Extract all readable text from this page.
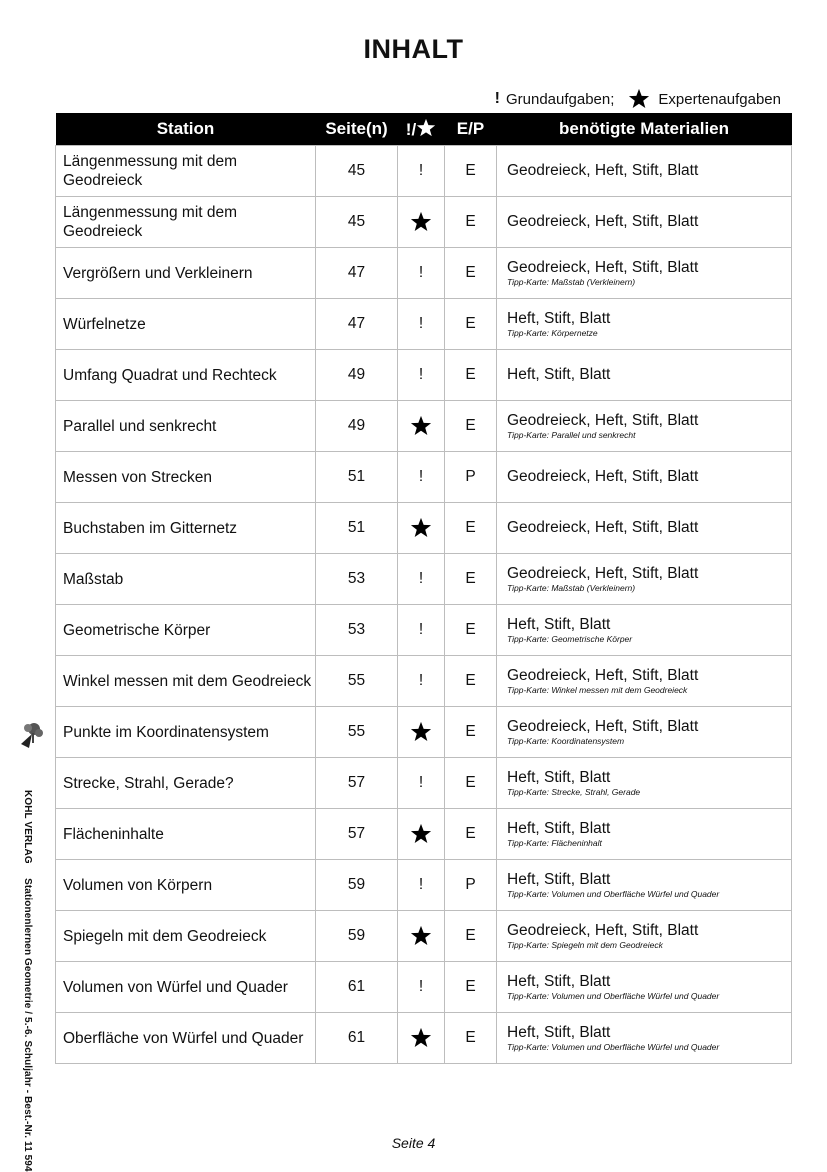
INHALT
! Grundaufgaben;	Expertenaufgaben
Station	Seite(n)	!/	E/P	benötigte Materialien
Längenmessung mit dem Geodreieck	45	!	E	Geodreieck, Heft, Stift, Blatt

Längenmessung mit dem Geodreieck	45		E	Geodreieck, Heft, Stift, Blatt

Vergrößern und Verkleinern	47	!	E	Geodreieck, Heft, Stift, Blatt
Tipp-Karte: Maßstab (Verkleinern)

Würfelnetze	47	!	E	Heft, Stift, Blatt
Tipp-Karte: Körpernetze

Umfang Quadrat und Rechteck	49	!	E	Heft, Stift, Blatt

Parallel und senkrecht	49		E	Geodreieck, Heft, Stift, Blatt
Tipp-Karte: Parallel und senkrecht

Messen von Strecken	51	!	P	Geodreieck, Heft, Stift, Blatt

Buchstaben im Gitternetz	51		E	Geodreieck, Heft, Stift, Blatt

Maßstab	53	!	E	Geodreieck, Heft, Stift, Blatt
Tipp-Karte: Maßstab (Verkleinern)

Geometrische Körper	53	!	E	Heft, Stift, Blatt
Tipp-Karte: Geometrische Körper

Winkel messen mit dem Geodreieck	55	!	E	Geodreieck, Heft, Stift, Blatt
Tipp-Karte: Winkel messen mit dem Geodreieck

Punkte im Koordinatensystem	55		E	Geodreieck, Heft, Stift, Blatt
Tipp-Karte: Koordinatensystem

Strecke, Strahl, Gerade?	57	!	E	Heft, Stift, Blatt
Tipp-Karte: Strecke, Strahl, Gerade

Flächeninhalte	57		E	Heft, Stift, Blatt
Tipp-Karte: Flächeninhalt

Volumen von Körpern	59	!	P	Heft, Stift, Blatt
Tipp-Karte: Volumen und Oberfläche Würfel und Quader

Spiegeln mit dem Geodreieck	59		E	Geodreieck, Heft, Stift, Blatt
Tipp-Karte: Spiegeln mit dem Geodreieck

Volumen von Würfel und Quader	61	!	E	Heft, Stift, Blatt
Tipp-Karte: Volumen und Oberfläche Würfel und Quader

Oberfläche von Würfel und Quader	61		E	Heft, Stift, Blatt
Tipp-Karte: Volumen und Oberfläche Würfel und Quader
KOHL VERLAG     Stationenlernen Geometrie / 5.-6. Schuljahr - Best.-Nr. 11 594	Seite 4
